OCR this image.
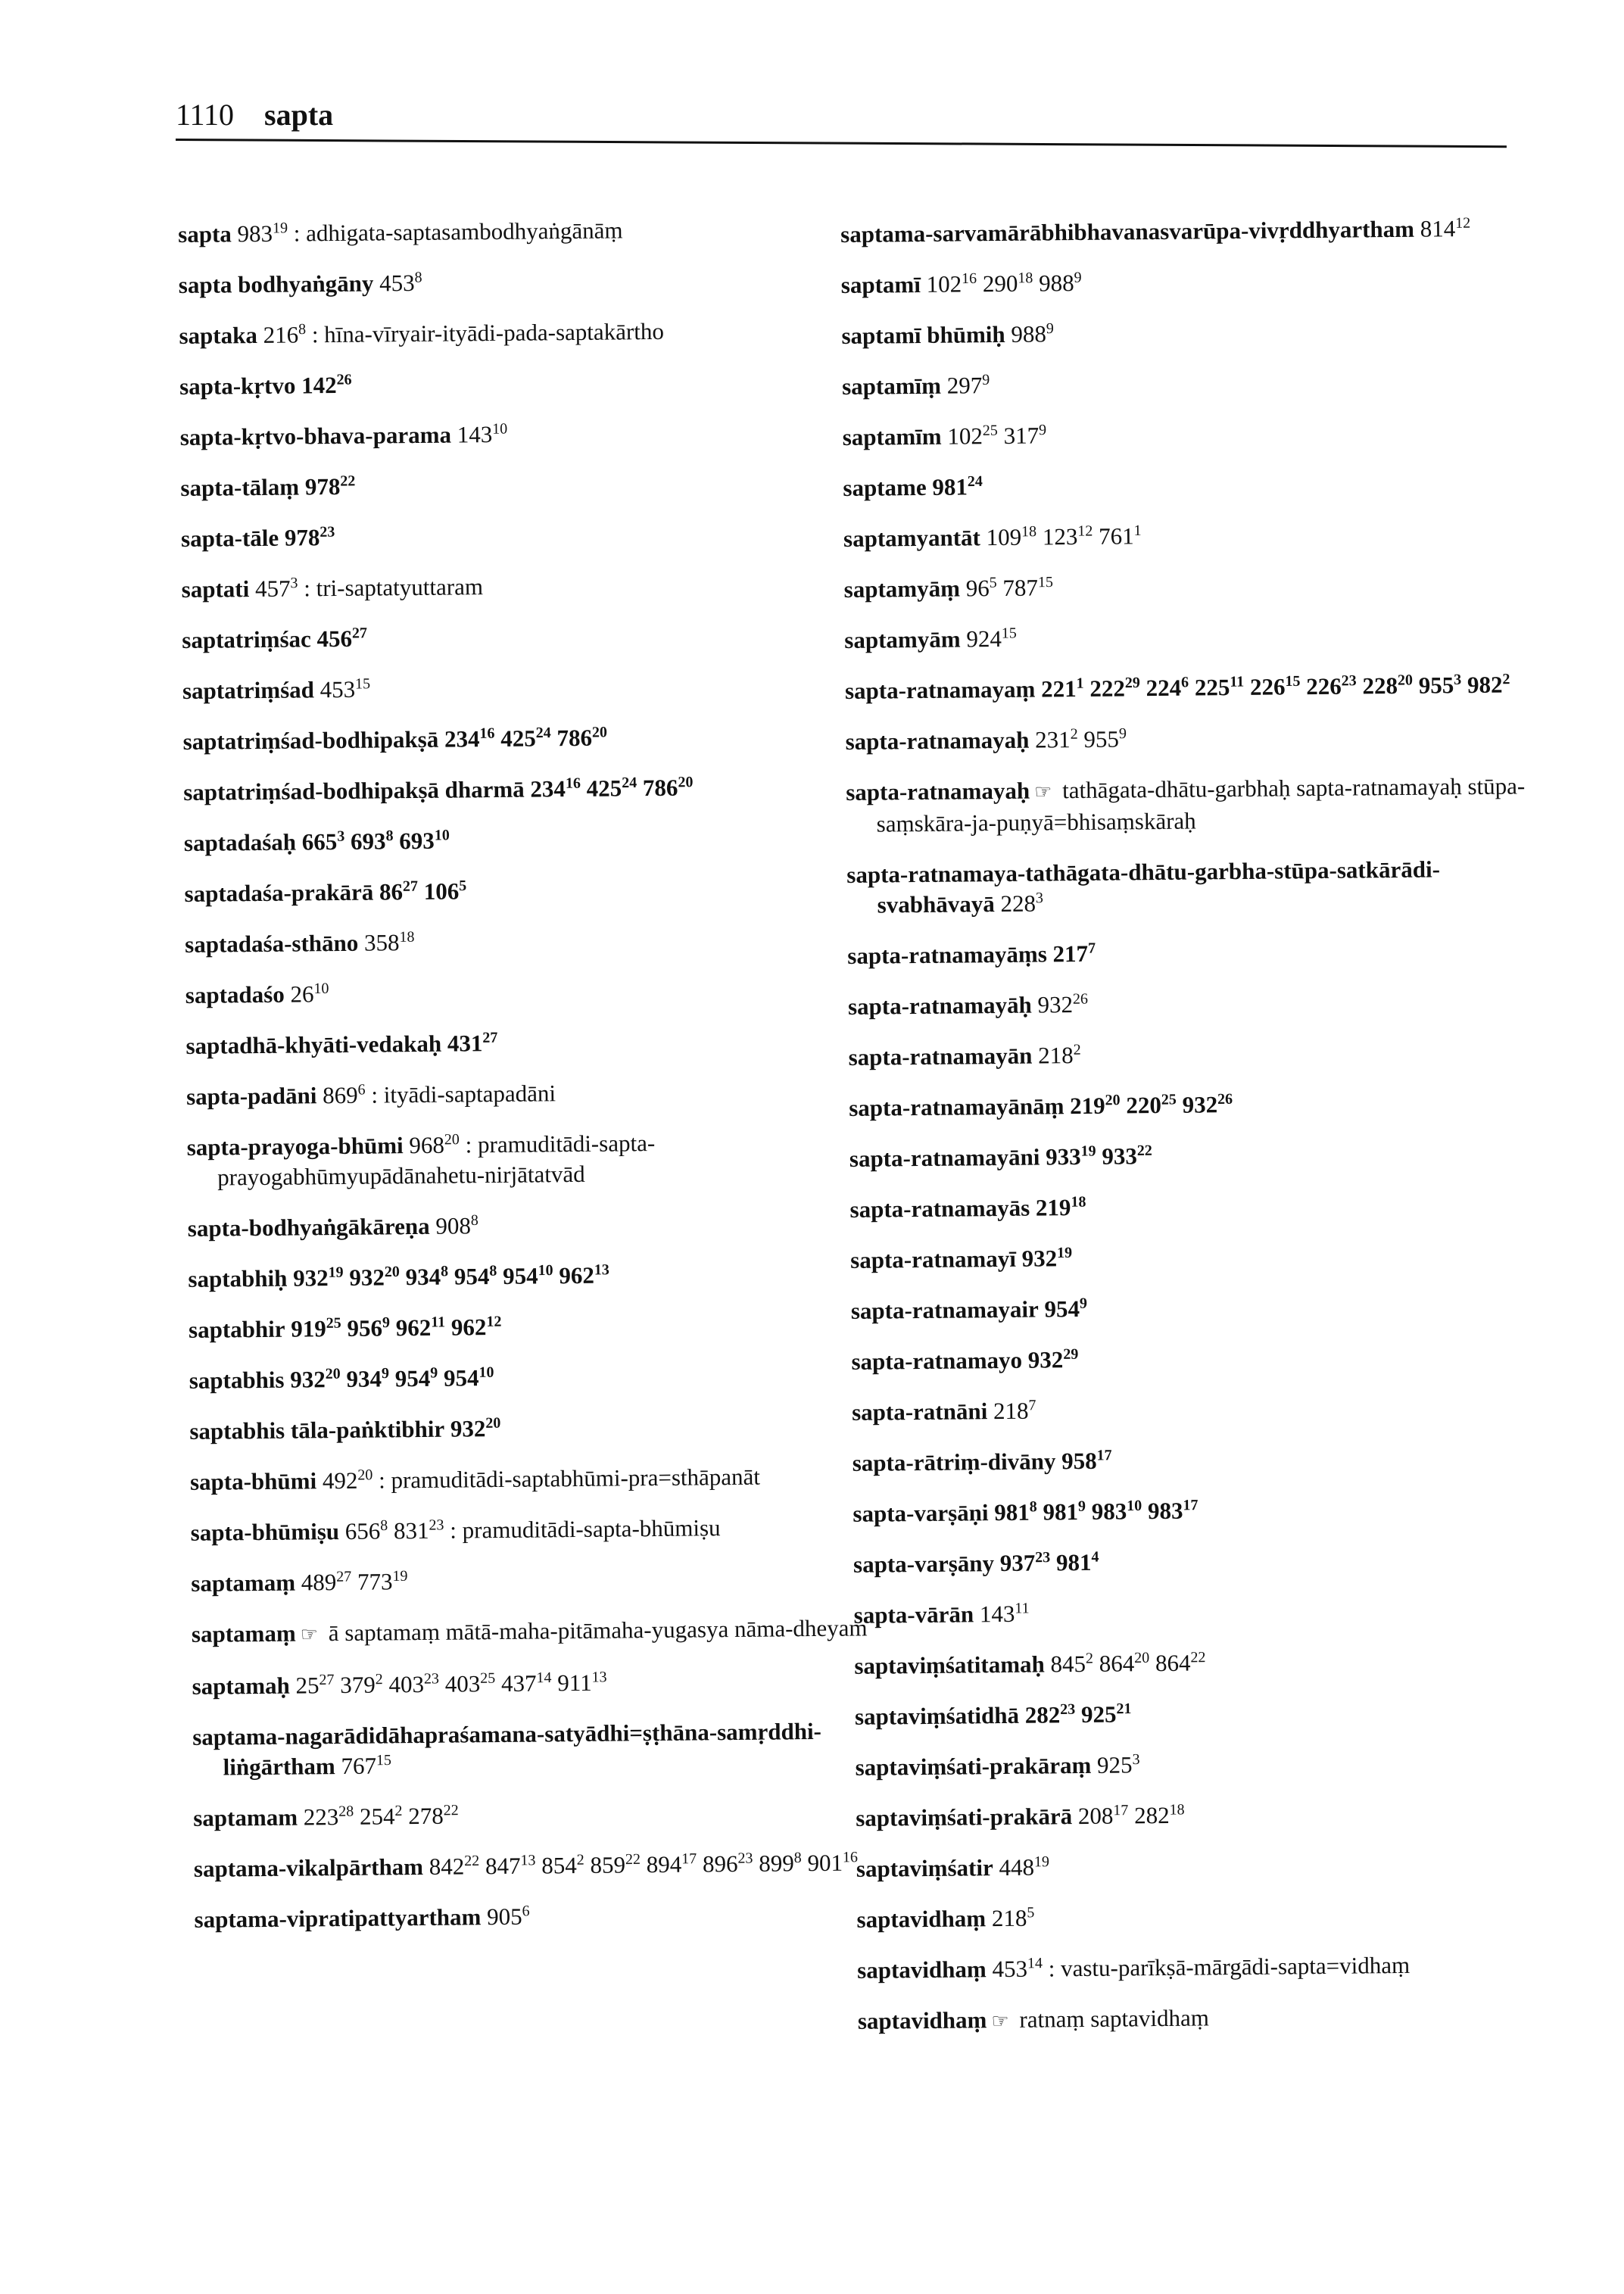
1110 sapta
sapta $983^{19}$ : adhigata-saptasambodhyaṅgānāṃ
sapta bodhyaṅgāny $453^8$
saptaka $216^8$ : hīna-vīryair-ityādi-pada-saptakārtho
sapta-kṛtvo $142^{26}$
sapta-kṛtvo-bhava-parama $143^{10}$
sapta-tālaṃ $978^{22}$
sapta-tāle $978^{23}$
saptati $457^3$ : tri-saptatyuttaram
saptatriṃśac $456^{27}$
saptatriṃśad $453^{15}$
saptatriṃśad-bodhipakṣā $234^{16}$ $425^{24}$ $786^{20}$
saptatriṃśad-bodhipakṣā dharmā $234^{16}$ $425^{24}$ $786^{20}$
saptadaśaḥ $665^3$ $693^8$ $693^{10}$
saptadaśa-prakārā $86^{27}$ $106^5$
saptadaśa-sthāno $358^{18}$
saptadaśo $26^{10}$
saptadhā-khyāti-vedakaḥ $431^{27}$
sapta-padāni $869^6$ : ityādi-saptapadāni
sapta-prayoga-bhūmi $968^{20}$ : pramuditādi-sapta-prayogabhūmyupādānahetu-nirjātatvād
sapta-bodhyaṅgākāreṇa $908^8$
saptabhiḥ $932^{19}$ $932^{20}$ $934^8$ $954^8$ $954^{10}$ $962^{13}$
saptabhir $919^{25}$ $956^9$ $962^{11}$ $962^{12}$
saptabhis $932^{20}$ $934^9$ $954^9$ $954^{10}$
saptabhis tāla-paṅktibhir $932^{20}$
sapta-bhūmi $492^{20}$ : pramuditādi-saptabhūmi-pra=sthāpanāt
sapta-bhūmiṣu $656^8$ $831^{23}$ : pramuditādi-sapta-bhūmiṣu
saptamaṃ $489^{27}$ $773^{19}$
saptamaṃ ☞ ā saptamaṃ mātā-maha-pitāmaha-yugasya nāma-dheyam
saptamaḥ $25^{27}$ $379^2$ $403^{23}$ $403^{25}$ $437^{14}$ $911^{13}$
saptama-nagarādidāhapraśamana-satyādhi=ṣṭhāna-samṛddhi-liṅgārtham $767^{15}$
saptamam $223^{28}$ $254^2$ $278^{22}$
saptama-vikalpārtham $842^{22}$ $847^{13}$ $854^2$ $859^{22}$ $894^{17}$ $896^{23}$ $899^8$ $901^{16}$
saptama-vipratipattyartham $905^6$
saptama-sarvamārābhibhavanasvarūpa-vivṛddhyartham $814^{12}$
saptamī $102^{16}$ $290^{18}$ $988^9$
saptamī bhūmiḥ $988^9$
saptamīṃ $297^9$
saptamīm $102^{25}$ $317^9$
saptame $981^{24}$
saptamyantāt $109^{18}$ $123^{12}$ $761^1$
saptamyāṃ $96^5$ $787^{15}$
saptamyām $924^{15}$
sapta-ratnamayaṃ $221^1$ $222^{29}$ $224^6$ $225^{11}$ $226^{15}$ $226^{23}$ $228^{20}$ $955^3$ $982^2$
sapta-ratnamayaḥ $231^2$ $955^9$
sapta-ratnamayaḥ ☞ tathāgata-dhātu-garbhaḥ sapta-ratnamayaḥ stūpa-saṃskāra-ja-puṇyā=bhisaṃskāraḥ
sapta-ratnamaya-tathāgata-dhātu-garbha-stūpa-satkārādi-svabhāvayā $228^3$
sapta-ratnamayāṃs $217^7$
sapta-ratnamayāḥ $932^{26}$
sapta-ratnamayān $218^2$
sapta-ratnamayānāṃ $219^{20}$ $220^{25}$ $932^{26}$
sapta-ratnamayāni $933^{19}$ $933^{22}$
sapta-ratnamayās $219^{18}$
sapta-ratnamayī $932^{19}$
sapta-ratnamayair $954^9$
sapta-ratnamayo $932^{29}$
sapta-ratnāni $218^7$
sapta-rātriṃ-divāny $958^{17}$
sapta-varṣāṇi $981^8$ $981^9$ $983^{10}$ $983^{17}$
sapta-varṣāny $937^{23}$ $981^4$
sapta-vārān $143^{11}$
saptaviṃśatitamaḥ $845^2$ $864^{20}$ $864^{22}$
saptaviṃśatidhā $282^{23}$ $925^{21}$
saptaviṃśati-prakāraṃ $925^3$
saptaviṃśati-prakārā $208^{17}$ $282^{18}$
saptaviṃśatir $448^{19}$
saptavidhaṃ $218^5$
saptavidhaṃ $453^{14}$ : vastu-parīkṣā-mārgādi-sapta=vidhaṃ
saptavidhaṃ ☞ ratnaṃ saptavidhaṃ
